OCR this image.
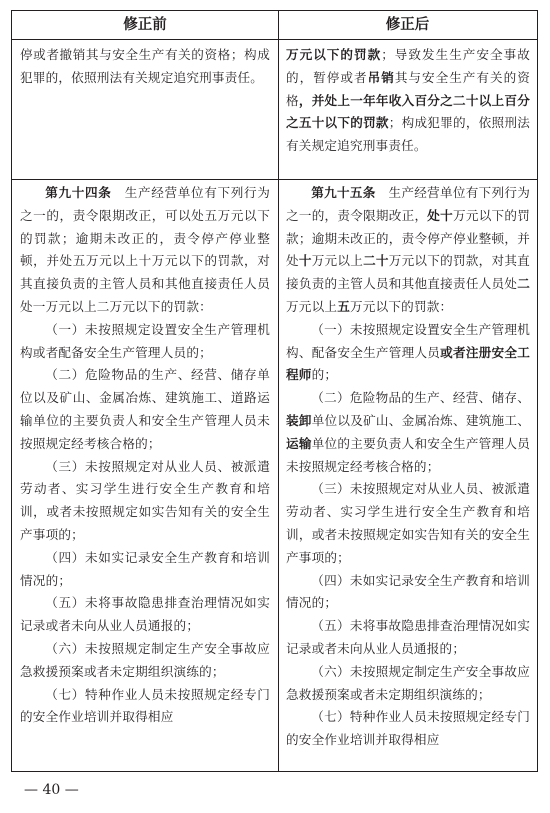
修正前	修正后

停或者撤销其与安全生产有关的资格；构成犯罪的，依照刑法有关规定追究刑事责任。

万元以下的罚款；导致发生生产安全事故的，暂停或者吊销其与安全生产有关的资格，并处上一年年收入百分之二十以上百分之五十以下的罚款；构成犯罪的，依照刑法有关规定追究刑事责任。

第九十四条　生产经营单位有下列行为之一的，责令限期改正，可以处五万元以下的罚款；逾期未改正的，责令停产停业整顿，并处五万元以上十万元以下的罚款，对其直接负责的主管人员和其他直接责任人员处一万元以上二万元以下的罚款：

（一）未按照规定设置安全生产管理机构或者配备安全生产管理人员的；

（二）危险物品的生产、经营、储存单位以及矿山、金属冶炼、建筑施工、道路运输单位的主要负责人和安全生产管理人员未按照规定经考核合格的；

（三）未按照规定对从业人员、被派遣劳动者、实习学生进行安全生产教育和培训，或者未按照规定如实告知有关的安全生产事项的；

（四）未如实记录安全生产教育和培训情况的；

（五）未将事故隐患排查治理情况如实记录或者未向从业人员通报的；

（六）未按照规定制定生产安全事故应急救援预案或者未定期组织演练的；

（七）特种作业人员未按照规定经专门的安全作业培训并取得相应

第九十五条　生产经营单位有下列行为之一的，责令限期改正，处十万元以下的罚款；逾期未改正的，责令停产停业整顿，并处十万元以上二十万元以下的罚款，对其直接负责的主管人员和其他直接责任人员处二万元以上五万元以下的罚款：

（一）未按照规定设置安全生产管理机构、配备安全生产管理人员或者注册安全工程师的；

（二）危险物品的生产、经营、储存、装卸单位以及矿山、金属冶炼、建筑施工、运输单位的主要负责人和安全生产管理人员未按照规定经考核合格的；

（三）未按照规定对从业人员、被派遣劳动者、实习学生进行安全生产教育和培训，或者未按照规定如实告知有关的安全生产事项的；

（四）未如实记录安全生产教育和培训情况的；

（五）未将事故隐患排查治理情况如实记录或者未向从业人员通报的；

（六）未按照规定制定生产安全事故应急救援预案或者未定期组织演练的；

（七）特种作业人员未按照规定经专门的安全作业培训并取得相应

— 40 —
